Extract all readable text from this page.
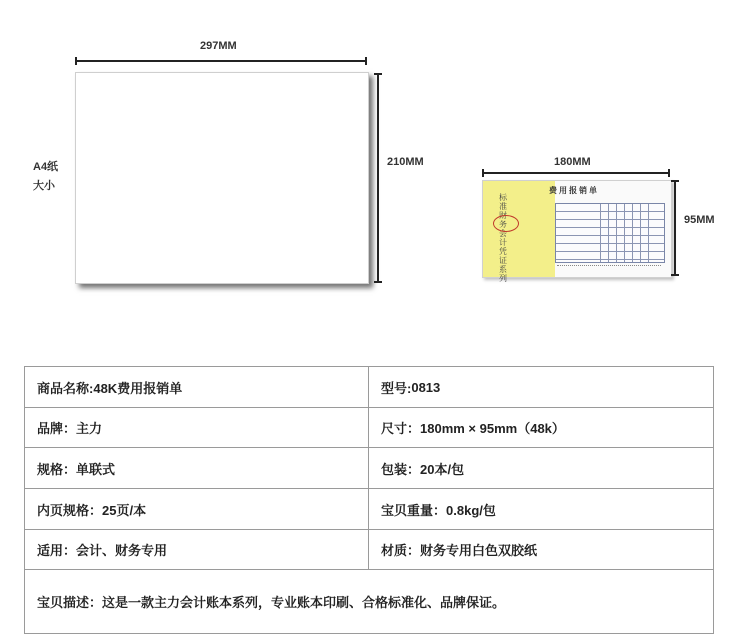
297MM
210MM
A4纸
大小
180MM
标准财务会计凭证系列
费用报销单
95MM
商品名称: 48K费用报销单	型号: 0813
品牌： 主力	尺寸： 180mm × 95mm（48k）
规格： 单联式	包装： 20本/包
内页规格： 25页/本	宝贝重量： 0.8kg/包
适用： 会计、财务专用	材质： 财务专用白色双胶纸
宝贝描述： 这是一款主力会计账本系列，专业账本印刷、合格标准化、品牌保证。
